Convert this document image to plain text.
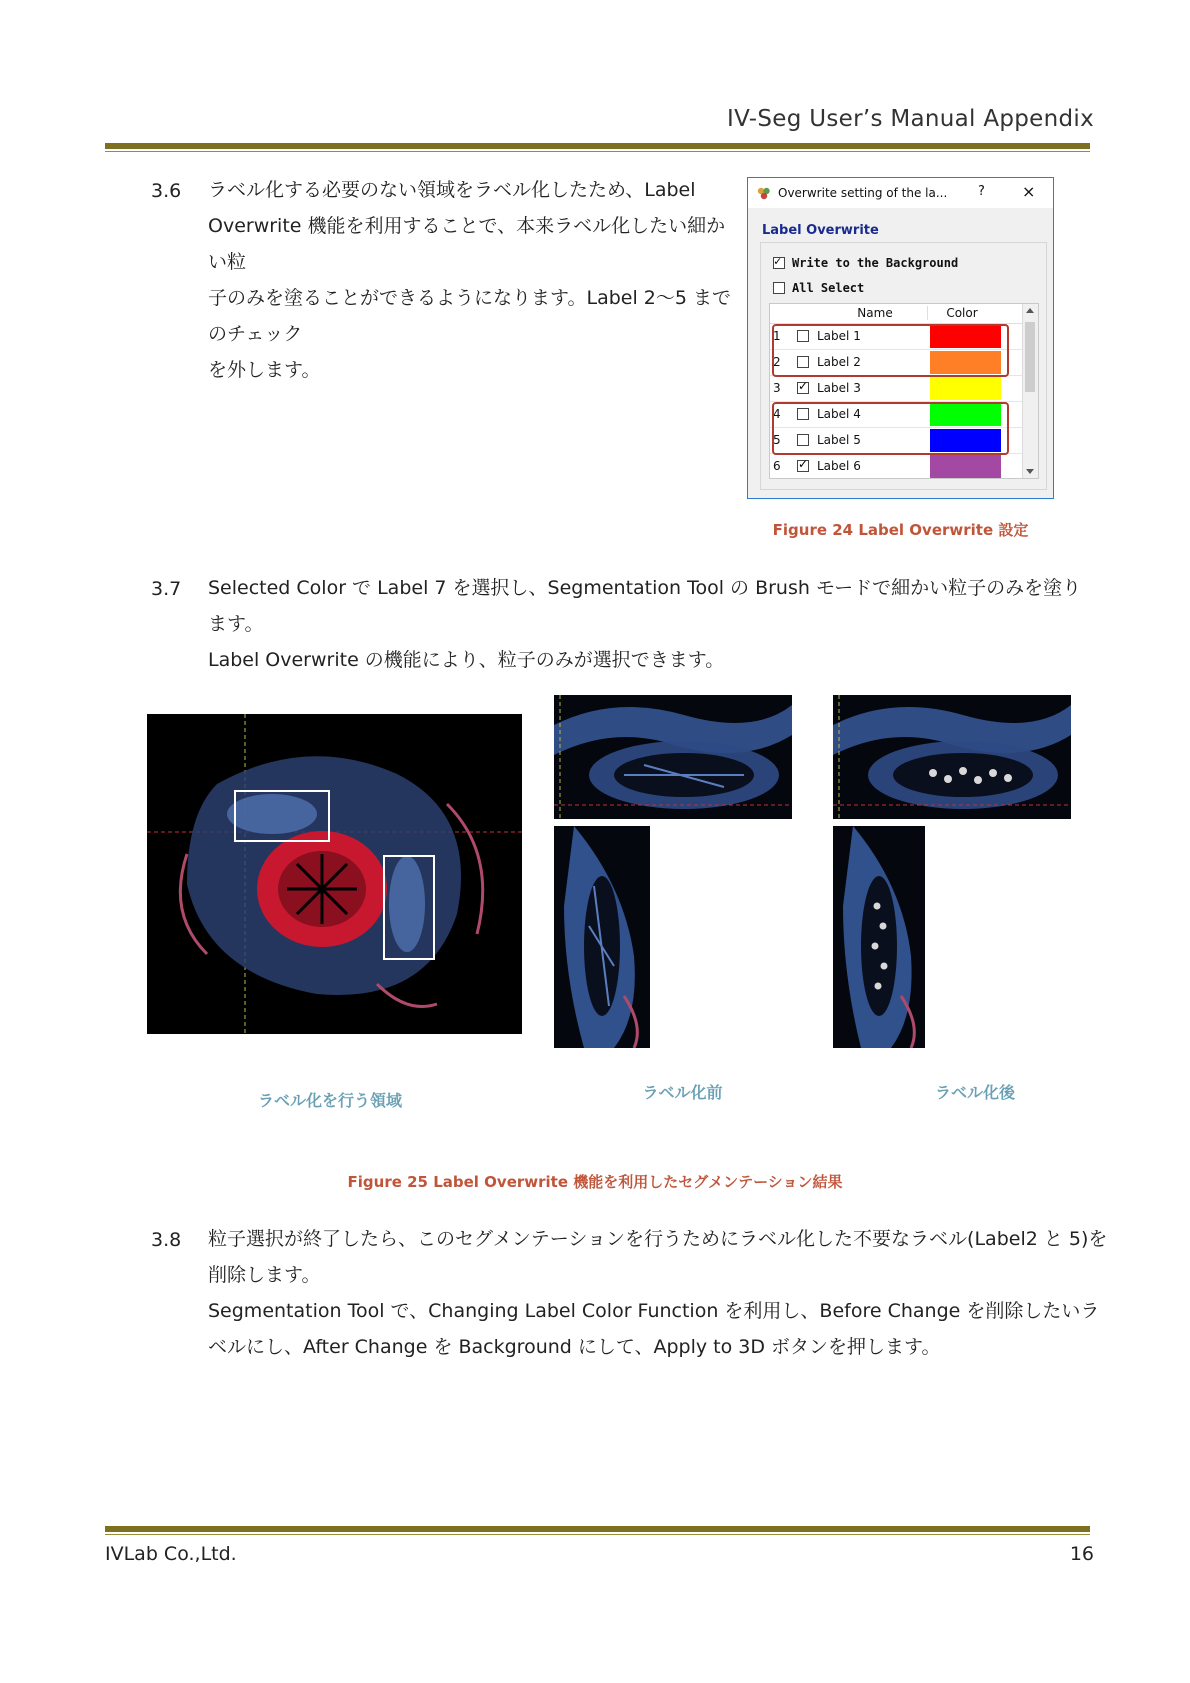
IV-Seg User’s Manual Appendix
3.6 ラベル化する必要のない領域をラベル化したため、Label
Overwrite 機能を利用することで、本来ラベル化したい細かい粒
子のみを塗ることができるようになります。Label 2〜5 までのチェック
を外します。
Overwrite setting of the la... ? ×
Label Overwrite
✓
Write to the Background
All Select
Name	Color
1	Label 1
2	Label 2
3 ✓	Label 3
4	Label 4
5	Label 5
6 ✓	Label 6
Figure 24 Label Overwrite 設定
3.7 Selected Color で Label 7 を選択し、Segmentation Tool の Brush モードで細かい粒子のみを塗ります。
Label Overwrite の機能により、粒子のみが選択できます。
ラベル化を行う領域	ラベル化前	ラベル化後
Figure 25 Label Overwrite 機能を利用したセグメンテーション結果
3.8 粒子選択が終了したら、このセグメンテーションを行うためにラベル化した不要なラベル(Label2 と 5)を削除します。
Segmentation Tool で、Changing Label Color Function を利用し、Before Change を削除したいラ
ベルにし、After Change を Background にして、Apply to 3D ボタンを押します。
IVLab Co.,Ltd.	16
